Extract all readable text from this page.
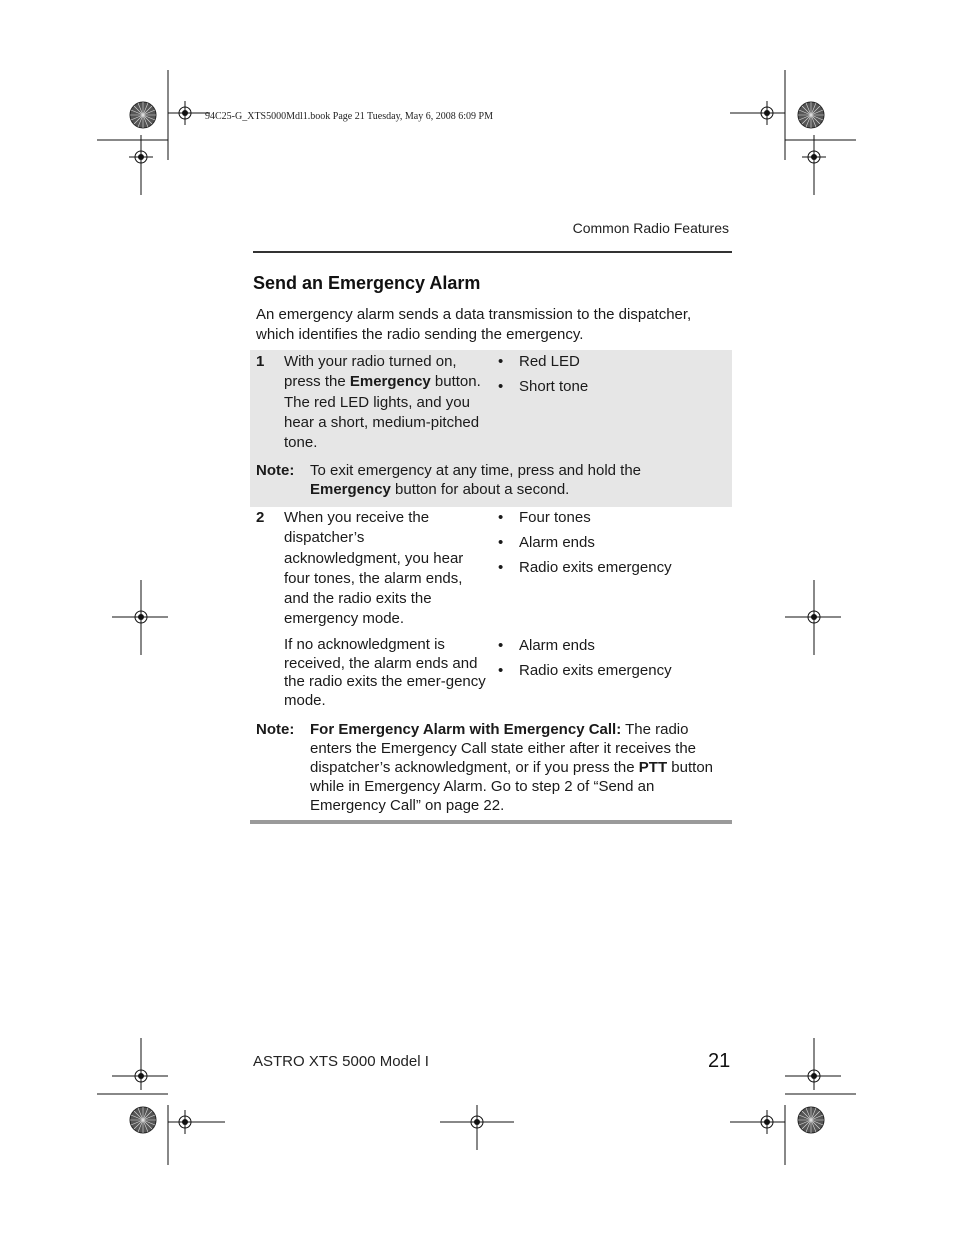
94C25-G_XTS5000Mdl1.book Page 21 Tuesday, May 6, 2008 6:09 PM
Common Radio Features
Send an Emergency Alarm
An emergency alarm sends a data transmission to the dispatcher, which identifies the radio sending the emergency.
1 With your radio turned on, press the Emergency button. The red LED lights, and you hear a short, medium-pitched tone.
• Red LED
• Short tone
Note: To exit emergency at any time, press and hold the Emergency button for about a second.
2 When you receive the dispatcher’s acknowledgment, you hear four tones, the alarm ends, and the radio exits the emergency mode.
• Four tones
• Alarm ends
• Radio exits emergency
If no acknowledgment is received, the alarm ends and the radio exits the emer-gency mode.
• Alarm ends
• Radio exits emergency
Note: For Emergency Alarm with Emergency Call: The radio enters the Emergency Call state either after it receives the dispatcher’s acknowledgment, or if you press the PTT button while in Emergency Alarm. Go to step 2 of “Send an Emergency Call” on page 22.
ASTRO XTS 5000 Model I	21
